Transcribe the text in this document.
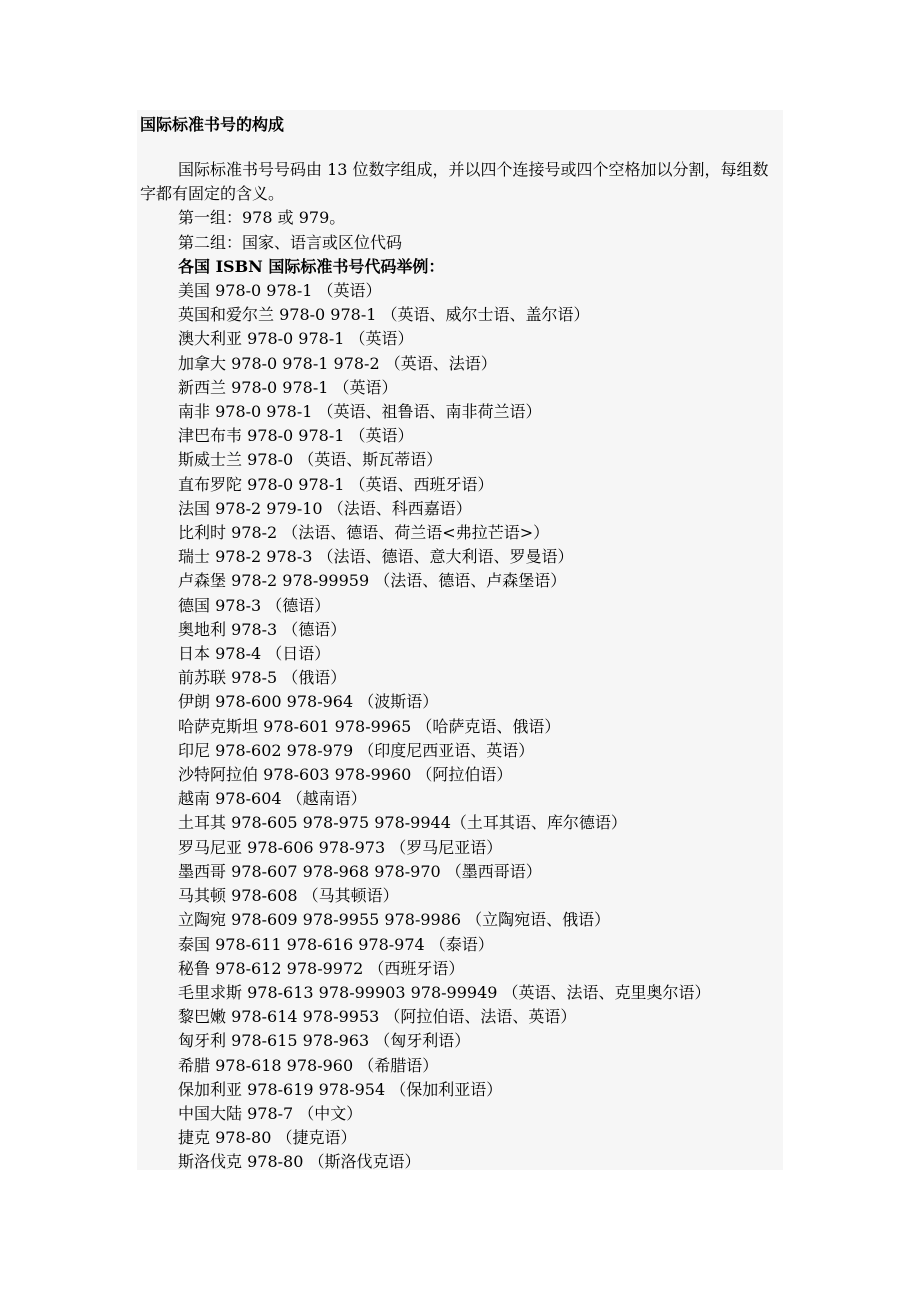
国际标准书号的构成

国际标准书号号码由 13 位数字组成，并以四个连接号或四个空格加以分割，每组数字都有固定的含义。

第一组：978 或 979。

第二组：国家、语言或区位代码

各国 ISBN 国际标准书号代码举例：

美国 978-0 978-1 （英语）
英国和爱尔兰 978-0 978-1 （英语、威尔士语、盖尔语）
澳大利亚 978-0 978-1 （英语）
加拿大 978-0 978-1 978-2 （英语、法语）
新西兰 978-0 978-1 （英语）
南非 978-0 978-1 （英语、祖鲁语、南非荷兰语）
津巴布韦 978-0 978-1 （英语）
斯威士兰 978-0 （英语、斯瓦蒂语）
直布罗陀 978-0 978-1 （英语、西班牙语）
法国 978-2 979-10 （法语、科西嘉语）
比利时 978-2 （法语、德语、荷兰语<弗拉芒语>）
瑞士 978-2 978-3 （法语、德语、意大利语、罗曼语）
卢森堡 978-2 978-99959 （法语、德语、卢森堡语）
德国 978-3 （德语）
奥地利 978-3 （德语）
日本 978-4 （日语）
前苏联 978-5 （俄语）
伊朗 978-600 978-964 （波斯语）
哈萨克斯坦 978-601 978-9965 （哈萨克语、俄语）
印尼 978-602 978-979 （印度尼西亚语、英语）
沙特阿拉伯 978-603 978-9960 （阿拉伯语）
越南 978-604 （越南语）
土耳其 978-605 978-975 978-9944（土耳其语、库尔德语）
罗马尼亚 978-606 978-973 （罗马尼亚语）
墨西哥 978-607 978-968 978-970 （墨西哥语）
马其顿 978-608 （马其顿语）
立陶宛 978-609 978-9955 978-9986 （立陶宛语、俄语）
泰国 978-611 978-616 978-974 （泰语）
秘鲁 978-612 978-9972 （西班牙语）
毛里求斯 978-613 978-99903 978-99949 （英语、法语、克里奥尔语）
黎巴嫩 978-614 978-9953 （阿拉伯语、法语、英语）
匈牙利 978-615 978-963 （匈牙利语）
希腊 978-618 978-960 （希腊语）
保加利亚 978-619 978-954 （保加利亚语）
中国大陆 978-7 （中文）
捷克 978-80 （捷克语）
斯洛伐克 978-80 （斯洛伐克语）
